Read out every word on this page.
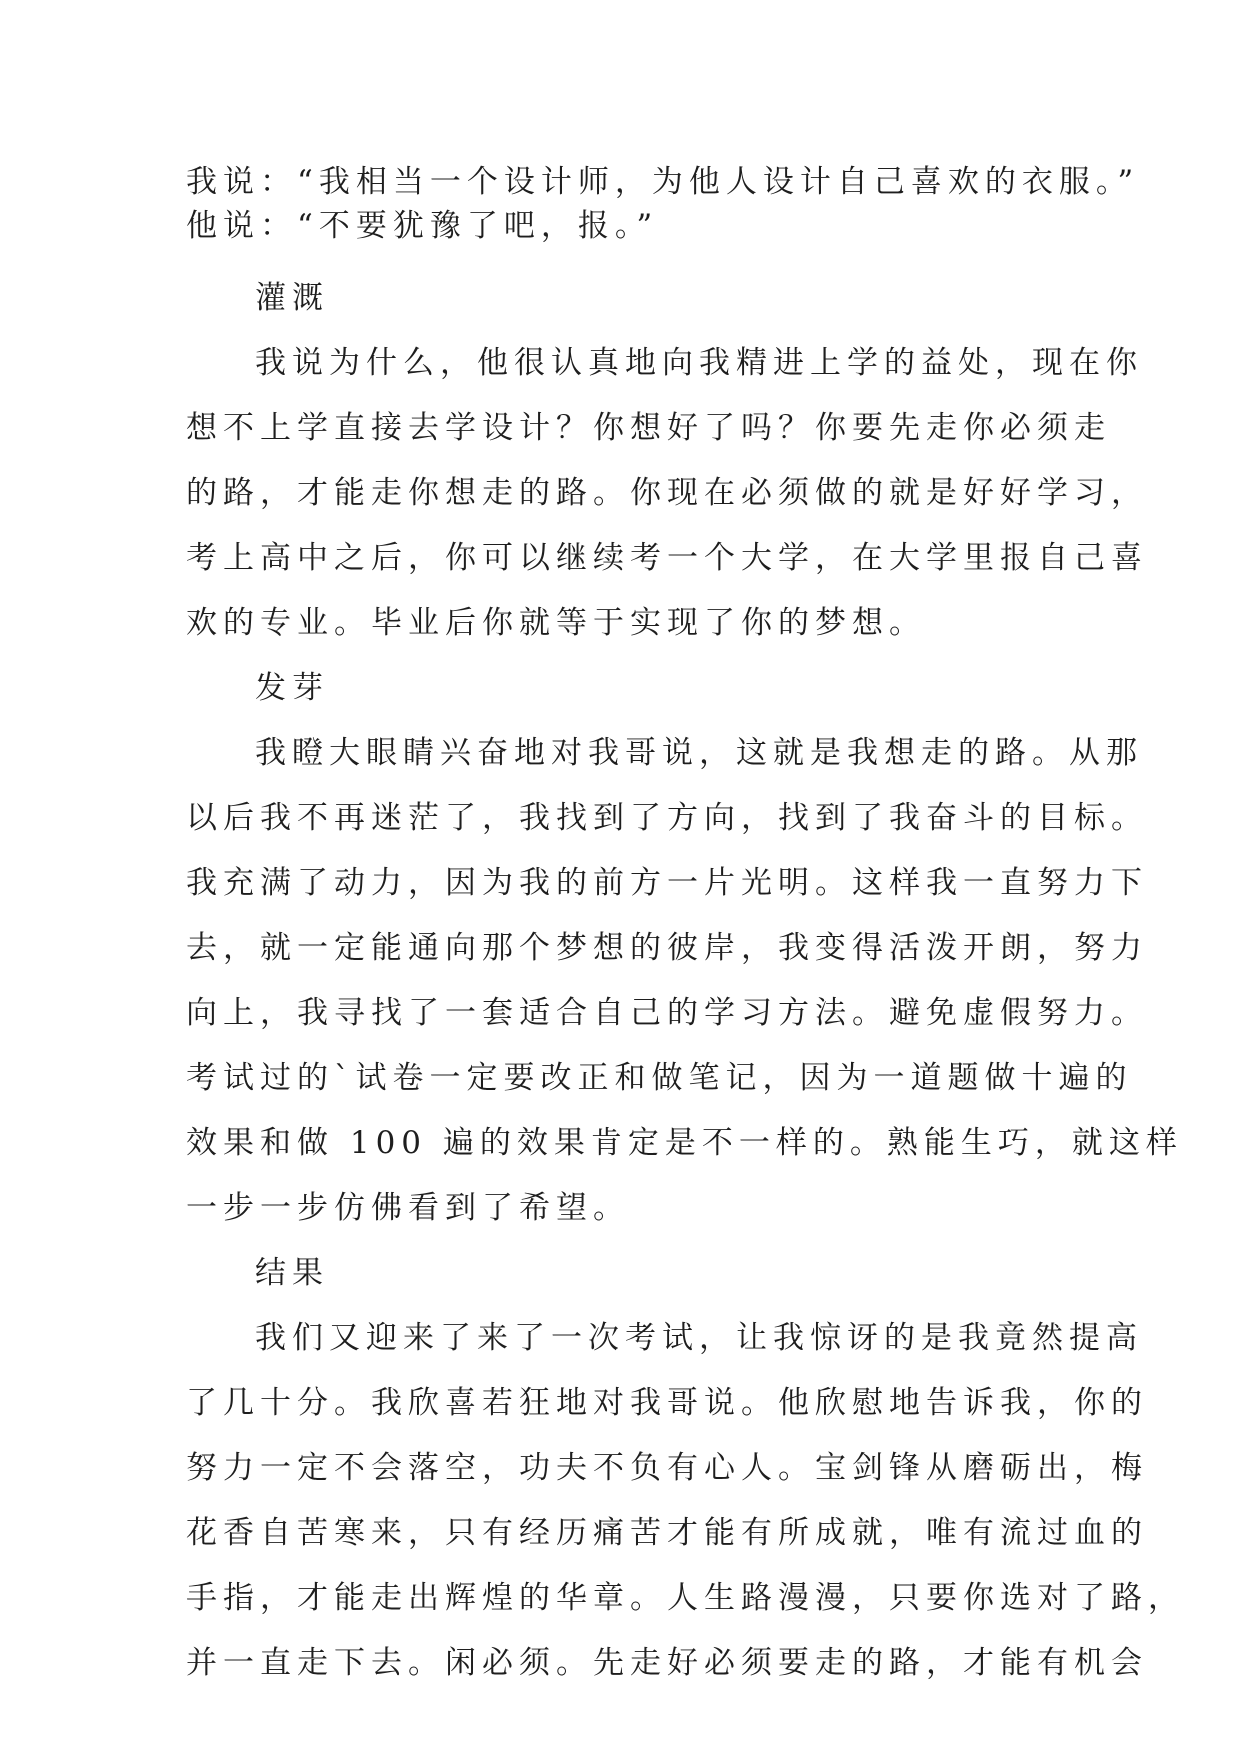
我说：“我相当一个设计师，为他人设计自己喜欢的衣服。”
他说：“不要犹豫了吧，报。”
灌溉
我说为什么，他很认真地向我精进上学的益处，现在你
想不上学直接去学设计？你想好了吗？你要先走你必须走
的路，才能走你想走的路。你现在必须做的就是好好学习，
考上高中之后，你可以继续考一个大学，在大学里报自己喜
欢的专业。毕业后你就等于实现了你的梦想。
发芽
我瞪大眼睛兴奋地对我哥说，这就是我想走的路。从那
以后我不再迷茫了，我找到了方向，找到了我奋斗的目标。
我充满了动力，因为我的前方一片光明。这样我一直努力下
去，就一定能通向那个梦想的彼岸，我变得活泼开朗，努力
向上，我寻找了一套适合自己的学习方法。避免虚假努力。
考试过的`试卷一定要改正和做笔记，因为一道题做十遍的
效果和做 100 遍的效果肯定是不一样的。熟能生巧，就这样
一步一步仿佛看到了希望。
结果
我们又迎来了来了一次考试，让我惊讶的是我竟然提高
了几十分。我欣喜若狂地对我哥说。他欣慰地告诉我，你的
努力一定不会落空，功夫不负有心人。宝剑锋从磨砺出，梅
花香自苦寒来，只有经历痛苦才能有所成就，唯有流过血的
手指，才能走出辉煌的华章。人生路漫漫，只要你选对了路，
并一直走下去。闲必须。先走好必须要走的路，才能有机会
